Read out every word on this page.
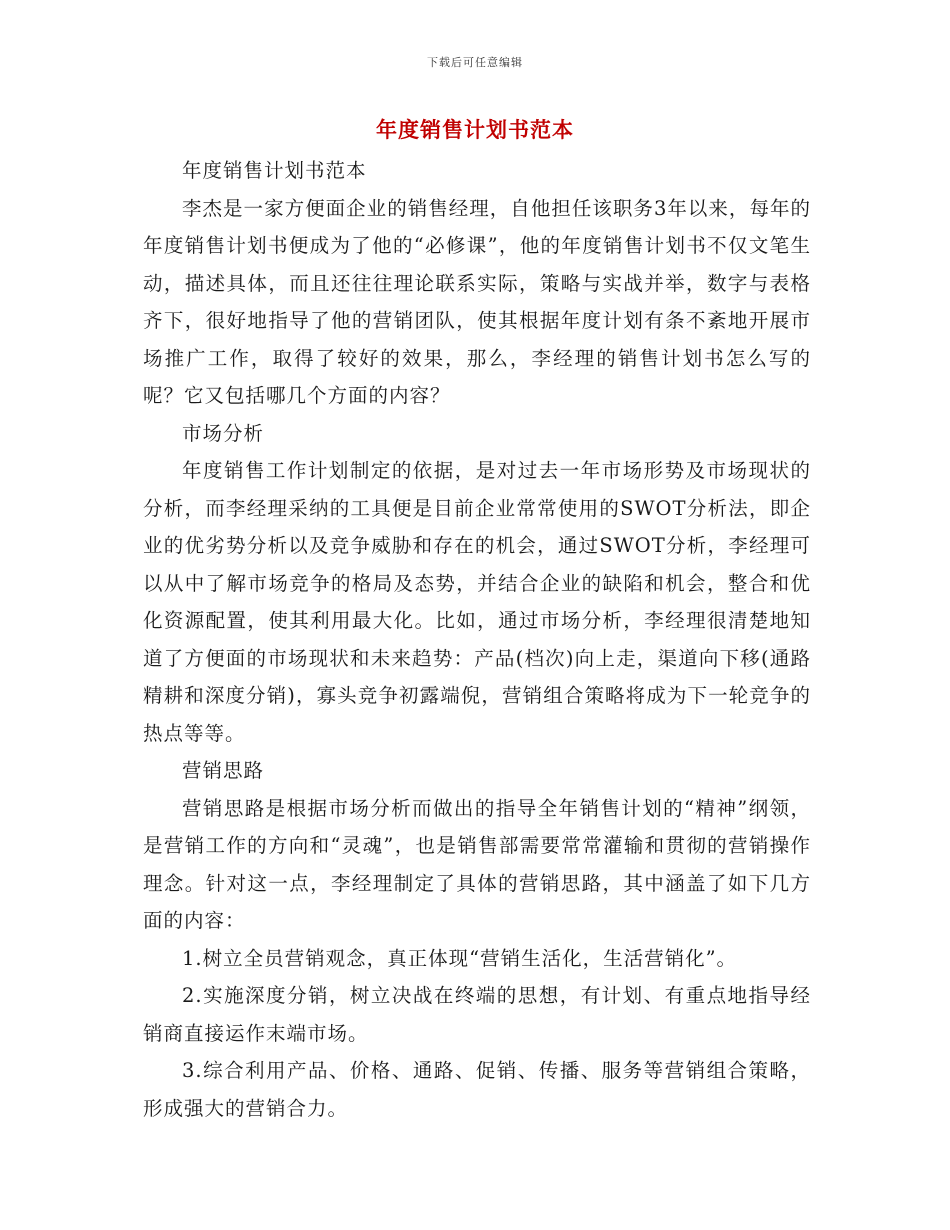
下载后可任意编辑
年度销售计划书范本

年度销售计划书范本

李杰是一家方便面企业的销售经理，自他担任该职务3年以来，每年的年度销售计划书便成为了他的“必修课”，他的年度销售计划书不仅文笔生动，描述具体，而且还往往理论联系实际，策略与实战并举，数字与表格齐下，很好地指导了他的营销团队，使其根据年度计划有条不紊地开展市场推广工作，取得了较好的效果，那么，李经理的销售计划书怎么写的呢？它又包括哪几个方面的内容？

市场分析

年度销售工作计划制定的依据，是对过去一年市场形势及市场现状的分析，而李经理采纳的工具便是目前企业常常使用的SWOT分析法，即企业的优劣势分析以及竞争威胁和存在的机会，通过SWOT分析，李经理可以从中了解市场竞争的格局及态势，并结合企业的缺陷和机会，整合和优化资源配置，使其利用最大化。比如，通过市场分析，李经理很清楚地知道了方便面的市场现状和未来趋势：产品(档次)向上走，渠道向下移(通路精耕和深度分销)，寡头竞争初露端倪，营销组合策略将成为下一轮竞争的热点等等。

营销思路

营销思路是根据市场分析而做出的指导全年销售计划的“精神”纲领，是营销工作的方向和“灵魂”，也是销售部需要常常灌输和贯彻的营销操作理念。针对这一点，李经理制定了具体的营销思路，其中涵盖了如下几方面的内容：

1.树立全员营销观念，真正体现“营销生活化，生活营销化”。

2.实施深度分销，树立决战在终端的思想，有计划、有重点地指导经销商直接运作末端市场。

3.综合利用产品、价格、通路、促销、传播、服务等营销组合策略，形成强大的营销合力。
